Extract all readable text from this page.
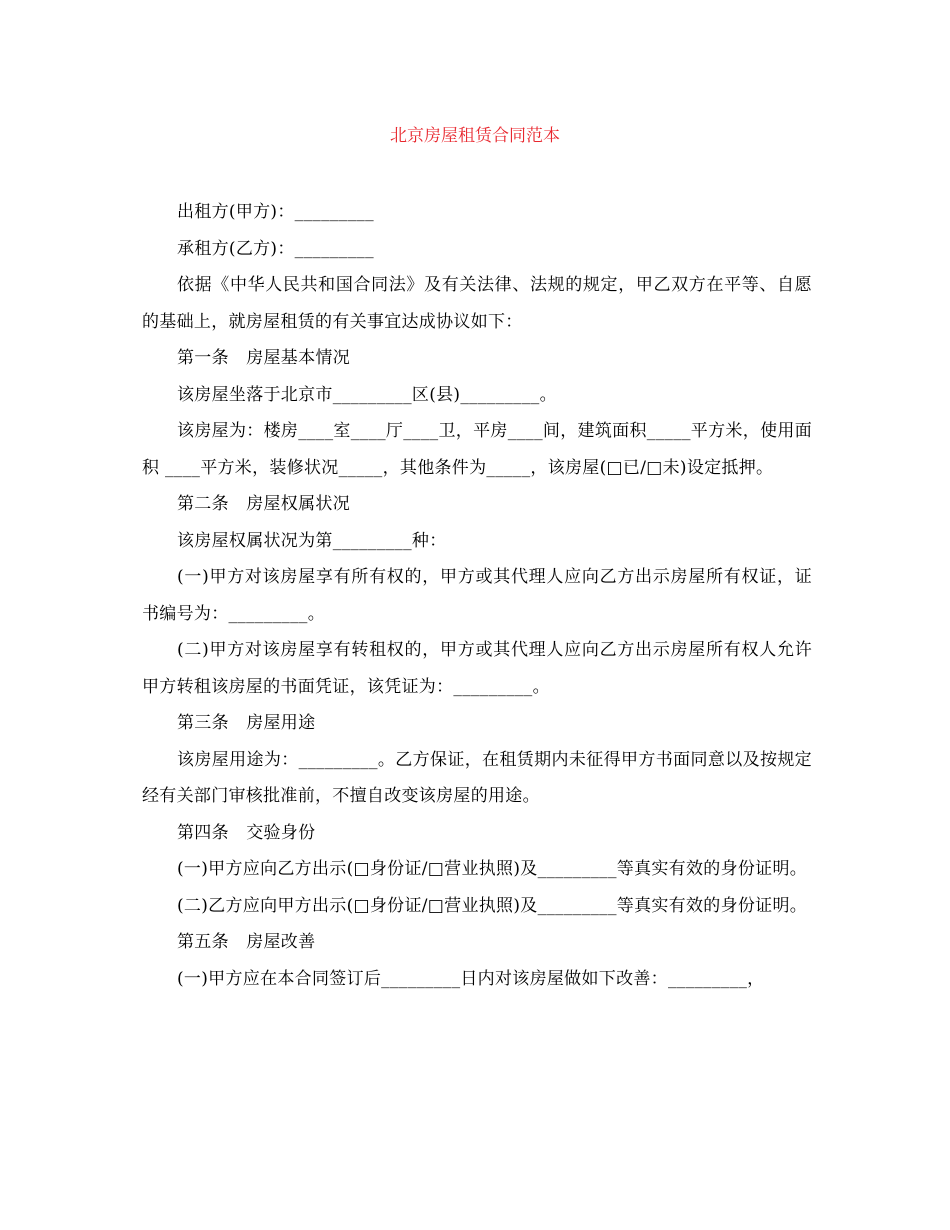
北京房屋租赁合同范本

出租方(甲方)：_________

承租方(乙方)：_________

依据《中华人民共和国合同法》及有关法律、法规的规定，甲乙双方在平等、自愿的基础上，就房屋租赁的有关事宜达成协议如下：

第一条　房屋基本情况

该房屋坐落于北京市_________区(县)_________。

该房屋为：楼房____室____厅____卫，平房____间，建筑面积_____平方米，使用面积 ____平方米，装修状况_____，其他条件为_____，该房屋(□已/□未)设定抵押。

第二条　房屋权属状况

该房屋权属状况为第_________种：

(一)甲方对该房屋享有所有权的，甲方或其代理人应向乙方出示房屋所有权证，证书编号为：_________。

(二)甲方对该房屋享有转租权的，甲方或其代理人应向乙方出示房屋所有权人允许甲方转租该房屋的书面凭证，该凭证为：_________。

第三条　房屋用途

该房屋用途为：_________。乙方保证，在租赁期内未征得甲方书面同意以及按规定经有关部门审核批准前，不擅自改变该房屋的用途。

第四条　交验身份

(一)甲方应向乙方出示(□身份证/□营业执照)及_________等真实有效的身份证明。

(二)乙方应向甲方出示(□身份证/□营业执照)及_________等真实有效的身份证明。

第五条　房屋改善

(一)甲方应在本合同签订后_________日内对该房屋做如下改善：_________，
